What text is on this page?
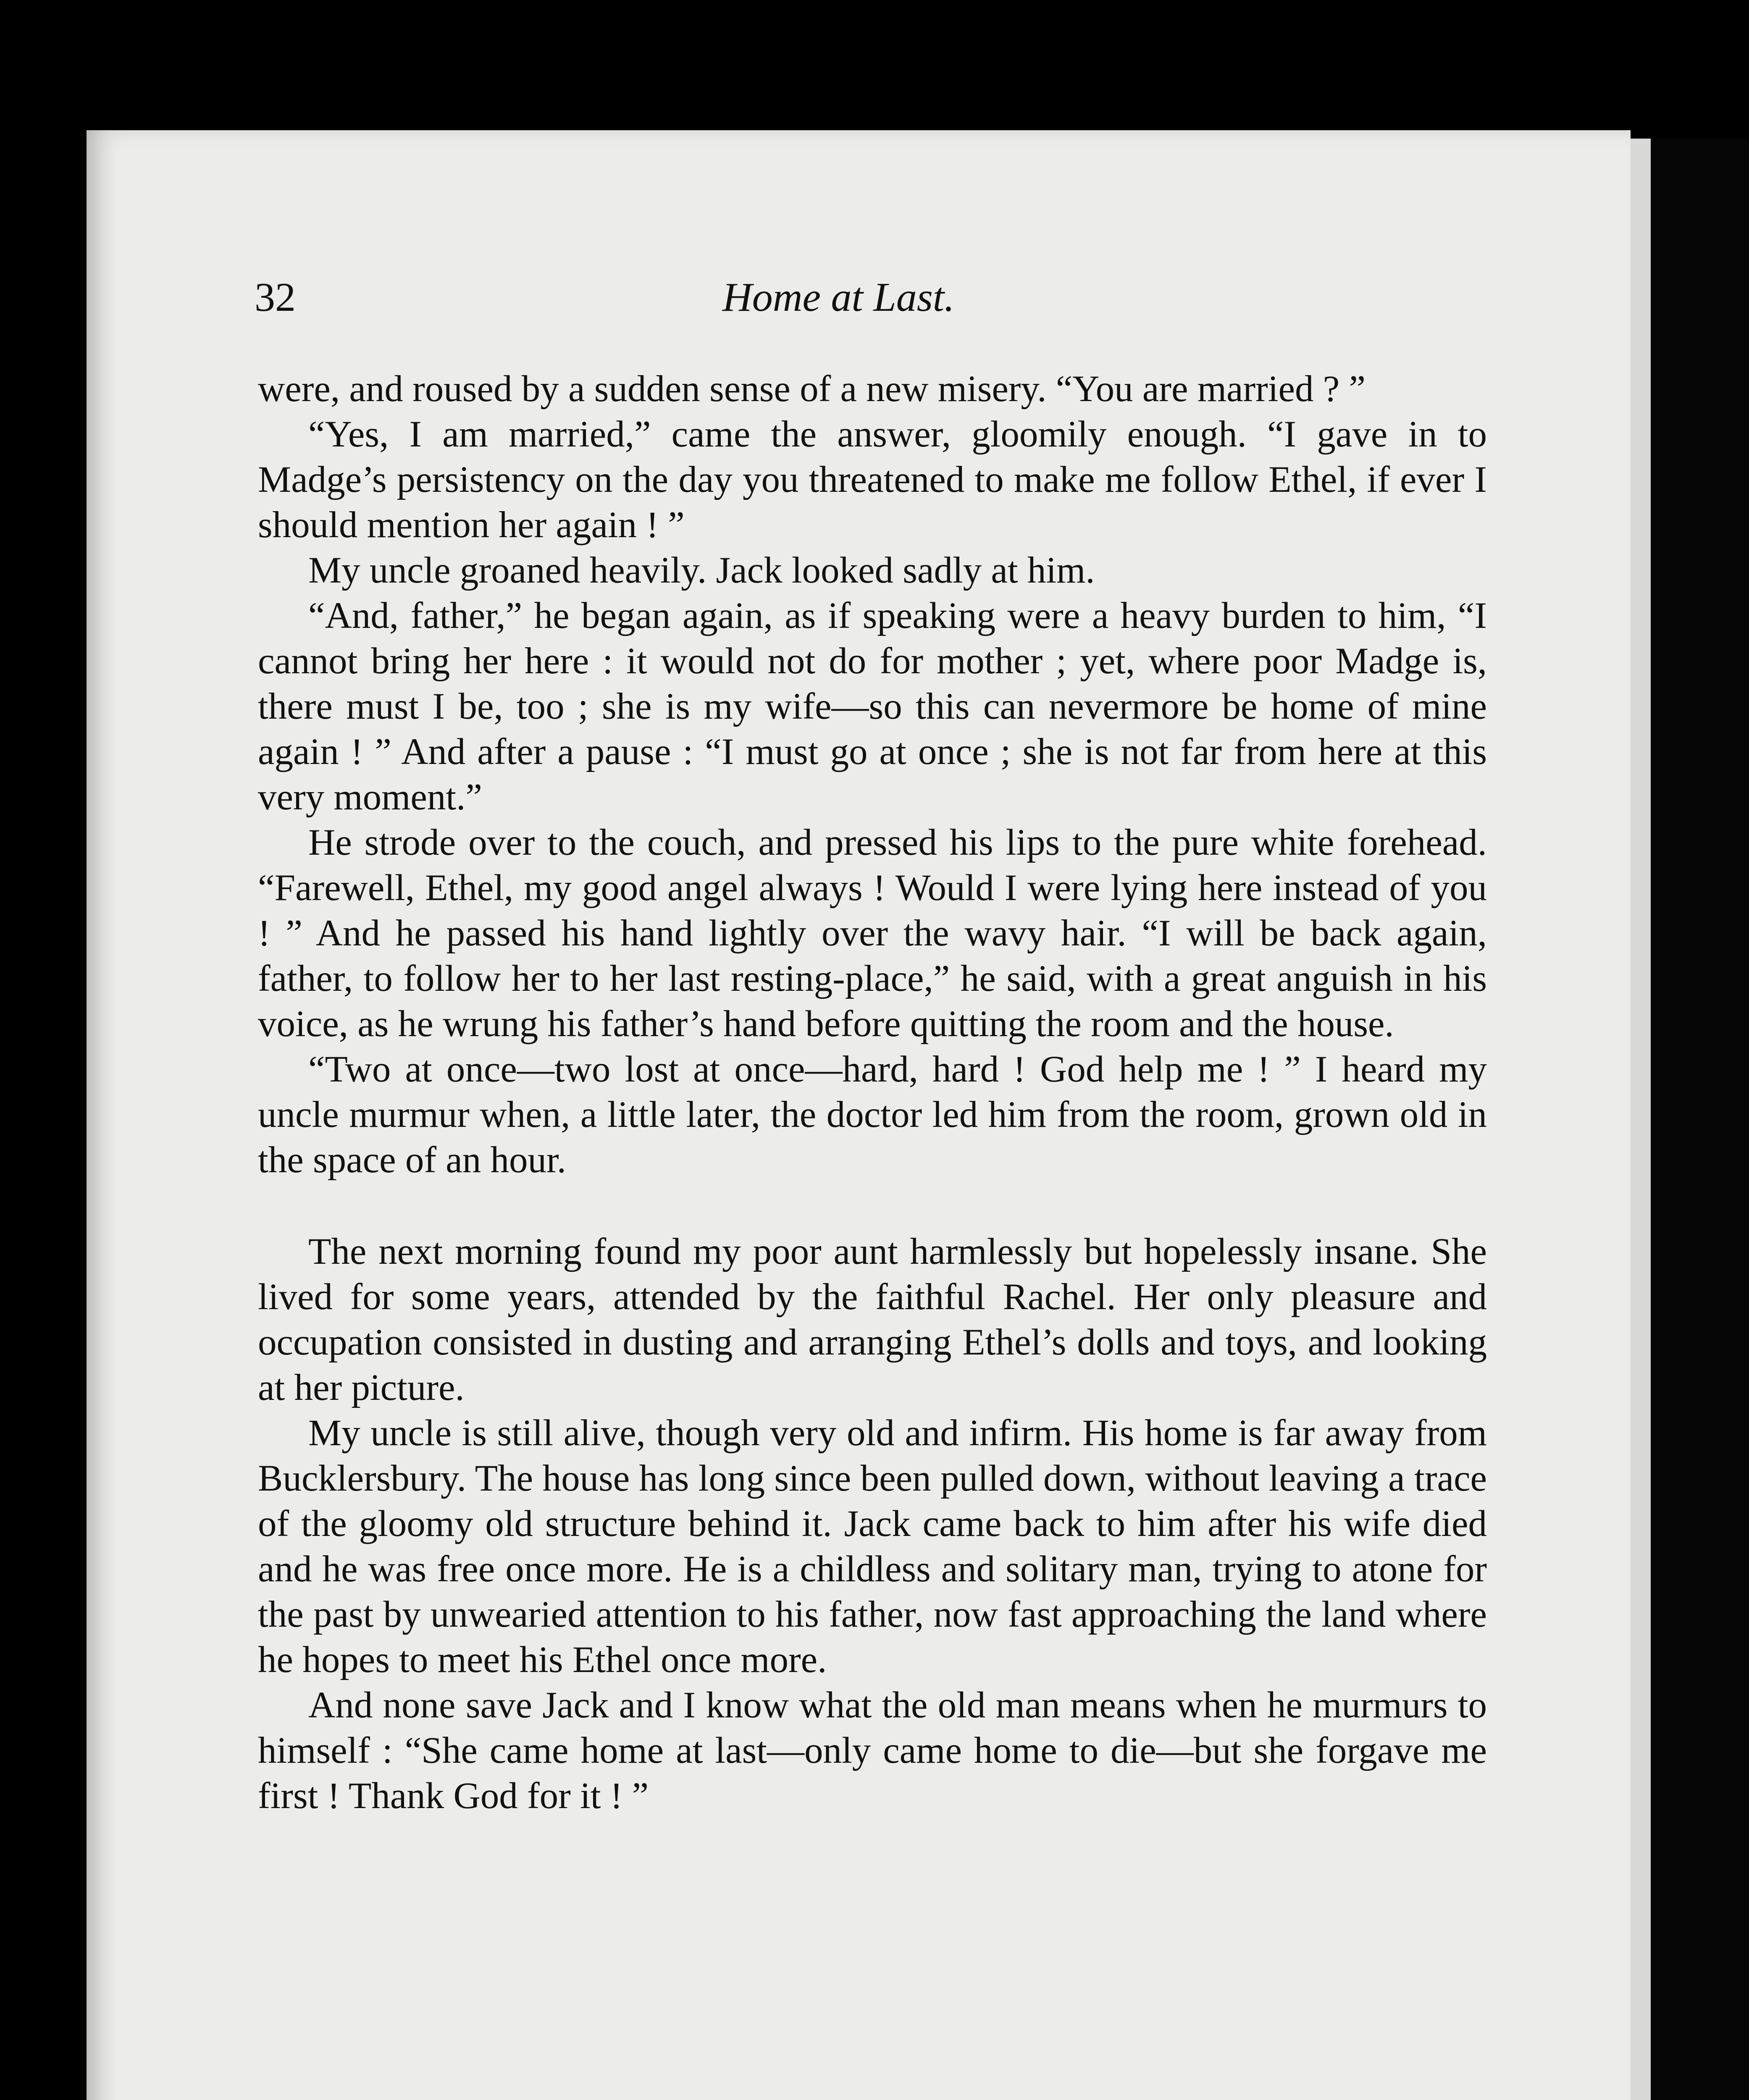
32	Home at Last.

were, and roused by a sudden sense of a new misery. “You are married ? ”

“Yes, I am married,” came the answer, gloomily enough. “I gave in to Madge’s persistency on the day you threatened to make me follow Ethel, if ever I should mention her again ! ”

My uncle groaned heavily. Jack looked sadly at him.

“And, father,” he began again, as if speaking were a heavy burden to him, “I cannot bring her here : it would not do for mother ; yet, where poor Madge is, there must I be, too ; she is my wife—so this can nevermore be home of mine again ! ” And after a pause : “I must go at once ; she is not far from here at this very moment.”

He strode over to the couch, and pressed his lips to the pure white forehead. “Farewell, Ethel, my good angel always ! Would I were lying here instead of you ! ” And he passed his hand lightly over the wavy hair. “I will be back again, father, to follow her to her last resting-place,” he said, with a great anguish in his voice, as he wrung his father’s hand before quitting the room and the house.

“Two at once—two lost at once—hard, hard ! God help me ! ” I heard my uncle murmur when, a little later, the doctor led him from the room, grown old in the space of an hour.

The next morning found my poor aunt harmlessly but hopelessly insane. She lived for some years, attended by the faithful Rachel. Her only pleasure and occupation consisted in dusting and arranging Ethel’s dolls and toys, and looking at her picture.

My uncle is still alive, though very old and infirm. His home is far away from Bucklersbury. The house has long since been pulled down, without leaving a trace of the gloomy old structure behind it. Jack came back to him after his wife died and he was free once more. He is a childless and solitary man, trying to atone for the past by unwearied attention to his father, now fast approaching the land where he hopes to meet his Ethel once more.

And none save Jack and I know what the old man means when he murmurs to himself : “She came home at last—only came home to die—but she forgave me first ! Thank God for it ! ”
